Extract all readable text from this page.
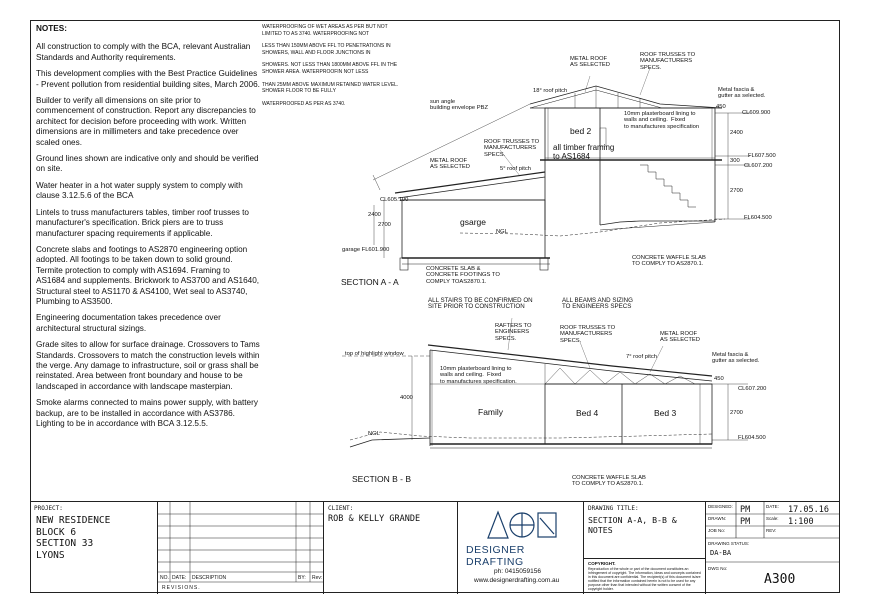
NOTES:

All construction to comply with the BCA, relevant Australian Standards and Authority requirements.

This development complies with the Best Practice Guidelines - Prevent pollution from residential building sites, March 2006.

Builder to verify all dimensions on site prior to commencement of construction. Report any discrepancies to architect for decision before proceeding with work. Written dimensions are in millimeters and take precedence over scaled ones.

Ground lines shown are indicative only and should be verified on site.

Water heater in a hot water supply system to comply with clause 3.12.5.6 of the BCA

Lintels to truss manufacturers tables, timber roof trusses to manufacturer's specification. Brick piers are to truss manufacturer spacing requirements if applicable.

Concrete slabs and footings to AS2870 engineering option adopted. All footings to be taken down to solid ground. Termite protection to comply with AS1694. Framing to AS1684 and supplements. Brickwork to AS3700 and AS1640, Structural steel to AS1170 & AS4100, Wet seal to AS3740, Plumbing to AS3500.

Engineering documentation takes precedence over architectural structural sizings.

Grade sites to allow for surface drainage. Crossovers to Tams Standards. Crossovers to match the construction levels within the verge. Any damage to infrastructure, soil or grass shall be reinstated. Area between front boundary and house to be landscaped in accordance with landscape masterpian.

Smoke alarms connected to mains power supply, with battery backup, are to be installed in accordance with AS3786. Lighting to be in accordance with BCA 3.12.5.5.

WATERPROOFING OF WET AREAS AS PER BUT NOT LIMITED TO AS 3740. WATERPROOFING NOT

LESS THAN 150MM ABOVE FFL TO PENETRATIONS IN SHOWERS, WALL AND FLOOR JUNCTIONS IN

SHOWERS. NOT LESS THAN 1800MM ABOVE FFL IN THE SHOWER AREA. WATERPROOFIN NOT LESS

THAN 25MM ABOVE MAXIMUM RETAINED WATER LEVEL. SHOWER FLOOR TO BE FULLY

WATERPROOFED AS PER AS 3740.

METAL ROOF
AS SELECTED
ROOF TRUSSES TO
MANUFACTURERS
SPECS.
18° roof pitch
sun angle
building envelope PBZ
10mm plasterboard lining to
walls and ceiling.  Fixed
to manufactures specification
ROOF TRUSSES TO
MANUFACTURERS
SPECS.
METAL ROOF
AS SELECTED	5° roof pitch
Metal fascia &
gutter as selected.
NGL
garage FL601.900
CONCRETE SLAB &
CONCRETE FOOTINGS TO
COMPLY TOAS2870.1.
CONCRETE WAFFLE SLAB
TO COMPLY TO AS2870.1.
CL609.900
FL607.500
CL607.200
FL604.500
CL605.100
2400
2700
300
450
2400
2700
bed 2
all timber framing
to AS1684
gsarge
SECTION A - A
ALL STAIRS TO BE CONFIRMED ON
SITE PRIOR TO CONSTRUCTION
ALL BEAMS AND SIZING
TO ENGINEERS SPECS
RAFTERS TO
ENGINEERS
SPECS.
ROOF TRUSSES TO
MANUFACTURERS
SPECS.
METAL ROOF
AS SELECTED
7° roof pitch	Metal fascia &
gutter as selected.
top of highlight window
10mm plasterboard lining to
walls and ceiling.  Fixed
to manufactures specification.
NGL
CONCRETE WAFFLE SLAB
TO COMPLY TO AS2870.1.
CL607.200
FL604.500
4000
2700
450
Family	Bed 4	Bed 3
SECTION B - B
PROJECT:
NEW RESIDENCE
BLOCK 6
SECTION 33
LYONS
NO. DATE: DESCRIPTION	BY: Rev:
REVISIONS.
CLIENT:
ROB & KELLY GRANDE
DESIGNER DRAFTING
ph: 0415059156
www.designerdrafting.com.au
DRAWING TITLE:
SECTION A-A, B-B & NOTES
COPYRIGHT.
Reproduction of the whole or part of the document constitutes an infringement of copyright. The information, ideas and concepts contained in this document are confidential. The recipient(s) of this document is/are notified that the information contained herein is not to be used for any purpose other than that intended without the written consent of the copyright holder.
DESIGNED: PM	DATE: 17.05.16
DRAWN: PM	Scale: 1:100
JOB No:	REV:
DRAWING STATUS:
DA-BA
DWG No:
A300
